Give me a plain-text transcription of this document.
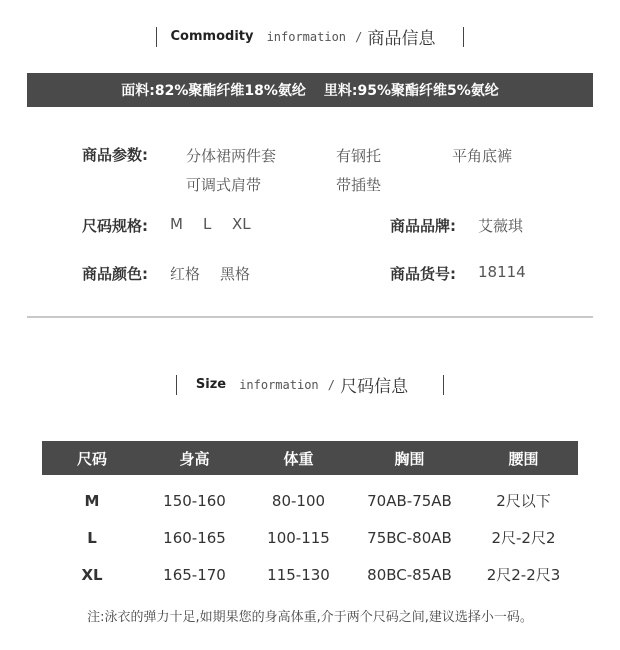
Commodity information / 商品信息
面料:82%聚酯纤维18%氨纶 里料:95%聚酯纤维5%氨纶
商品参数:	分体裙两件套	有钢托	平角底裤
可调式肩带	带插垫
尺码规格: M L XL	商品品牌: 艾薇琪
商品颜色: 红格 黑格	商品货号: 18114
Size information / 尺码信息
尺码	身高	体重	胸围	腰围
M	150-160	80-100	70AB-75AB	2尺以下
L	160-165	100-115	75BC-80AB	2尺-2尺2
XL	165-170	115-130	80BC-85AB	2尺2-2尺3
注:泳衣的弹力十足,如期果您的身高体重,介于两个尺码之间,建议选择小一码。
